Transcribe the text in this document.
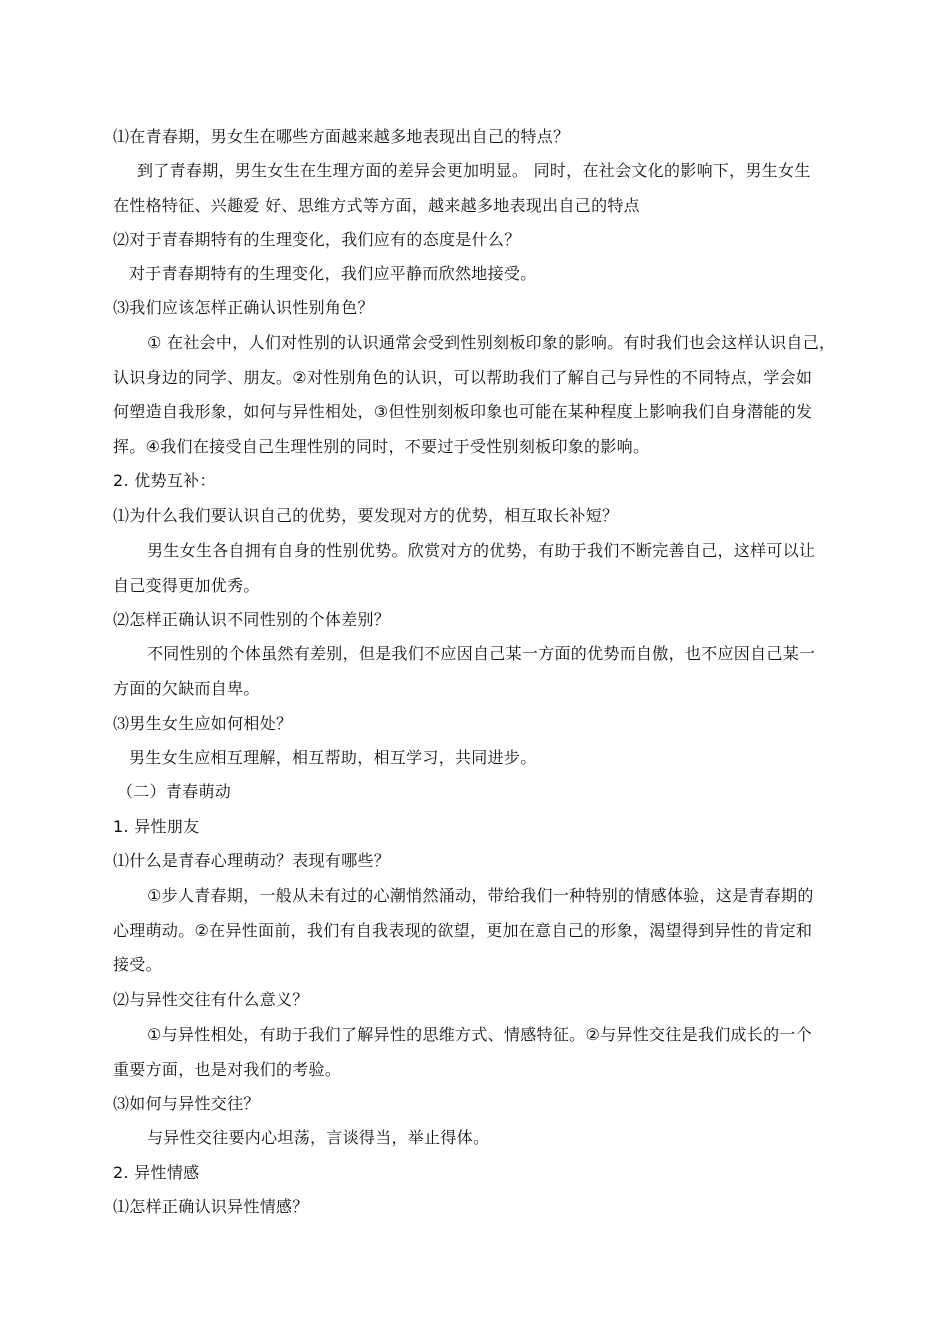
⑴在青春期，男女生在哪些方面越来越多地表现出自己的特点？
到了青春期，男生女生在生理方面的差异会更加明显。 同时，在社会文化的影响下，男生女生
在性格特征、兴趣爱 好、思维方式等方面，越来越多地表现出自己的特点
⑵对于青春期特有的生理变化，我们应有的态度是什么？
对于青春期特有的生理变化，我们应平静而欣然地接受。
⑶我们应该怎样正确认识性别角色？
① 在社会中，人们对性别的认识通常会受到性别刻板印象的影响。有时我们也会这样认识自己，
认识身边的同学、朋友。②对性别角色的认识，可以帮助我们了解自己与异性的不同特点，学会如
何塑造自我形象，如何与异性相处，③但性别刻板印象也可能在某种程度上影响我们自身潜能的发
挥。④我们在接受自己生理性别的同时，不要过于受性别刻板印象的影响。
2. 优势互补：
⑴为什么我们要认识自己的优势，要发现对方的优势，相互取长补短？
男生女生各自拥有自身的性别优势。欣赏对方的优势，有助于我们不断完善自己，这样可以让
自己变得更加优秀。
⑵怎样正确认识不同性别的个体差别？
不同性别的个体虽然有差别，但是我们不应因自己某一方面的优势而自傲，也不应因自己某一
方面的欠缺而自卑。
⑶男生女生应如何相处？
男生女生应相互理解，相互帮助，相互学习，共同进步。
（二）青春萌动
1. 异性朋友
⑴什么是青春心理萌动？表现有哪些？
①步人青春期，一般从未有过的心潮悄然涌动，带给我们一种特别的情感体验，这是青春期的
心理萌动。②在异性面前，我们有自我表现的欲望，更加在意自己的形象，渴望得到异性的肯定和
接受。
⑵与异性交往有什么意义？
①与异性相处，有助于我们了解异性的思维方式、情感特征。②与异性交往是我们成长的一个
重要方面，也是对我们的考验。
⑶如何与异性交往？
与异性交往要内心坦荡，言谈得当，举止得体。
2. 异性情感
⑴怎样正确认识异性情感？
